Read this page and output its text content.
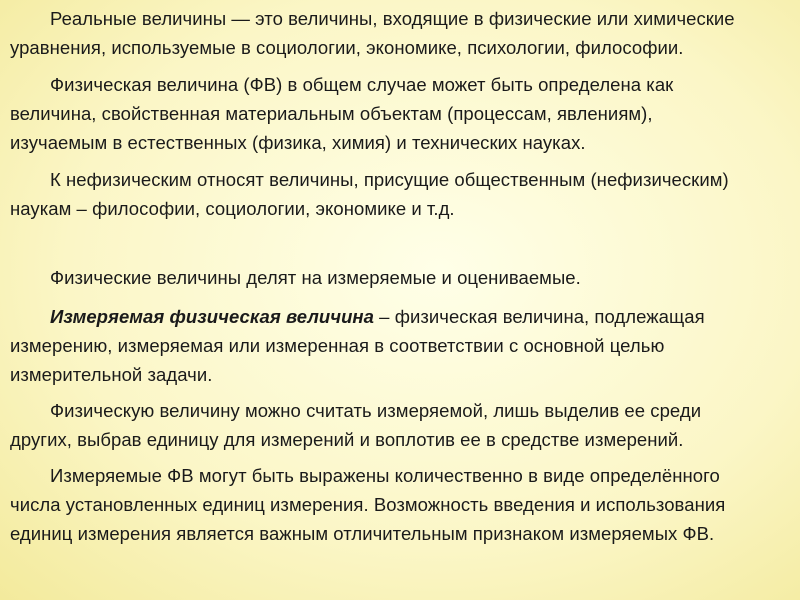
Реальные величины — это величины, входящие в физические или химические
уравнения, используемые в социологии, экономике, психологии, философии.

Физическая величина (ФВ) в общем случае может быть определена как
величина, свойственная материальным объектам (процессам, явлениям),
изучаемым в естественных (физика, химия) и технических науках.

К нефизическим относят величины, присущие общественным (нефизическим)
наукам – философии, социологии, экономике и т.д.

Физические величины делят на измеряемые и оцениваемые.

Измеряемая физическая величина – физическая величина, подлежащая
измерению, измеряемая или измеренная в соответствии с основной целью
измерительной задачи.

Физическую величину можно считать измеряемой, лишь выделив ее среди
других, выбрав единицу для измерений и воплотив ее в средстве измерений.

Измеряемые ФВ могут быть выражены количественно в виде определённого
числа установленных единиц измерения. Возможность введения и использования
единиц измерения является важным отличительным признаком измеряемых ФВ.
